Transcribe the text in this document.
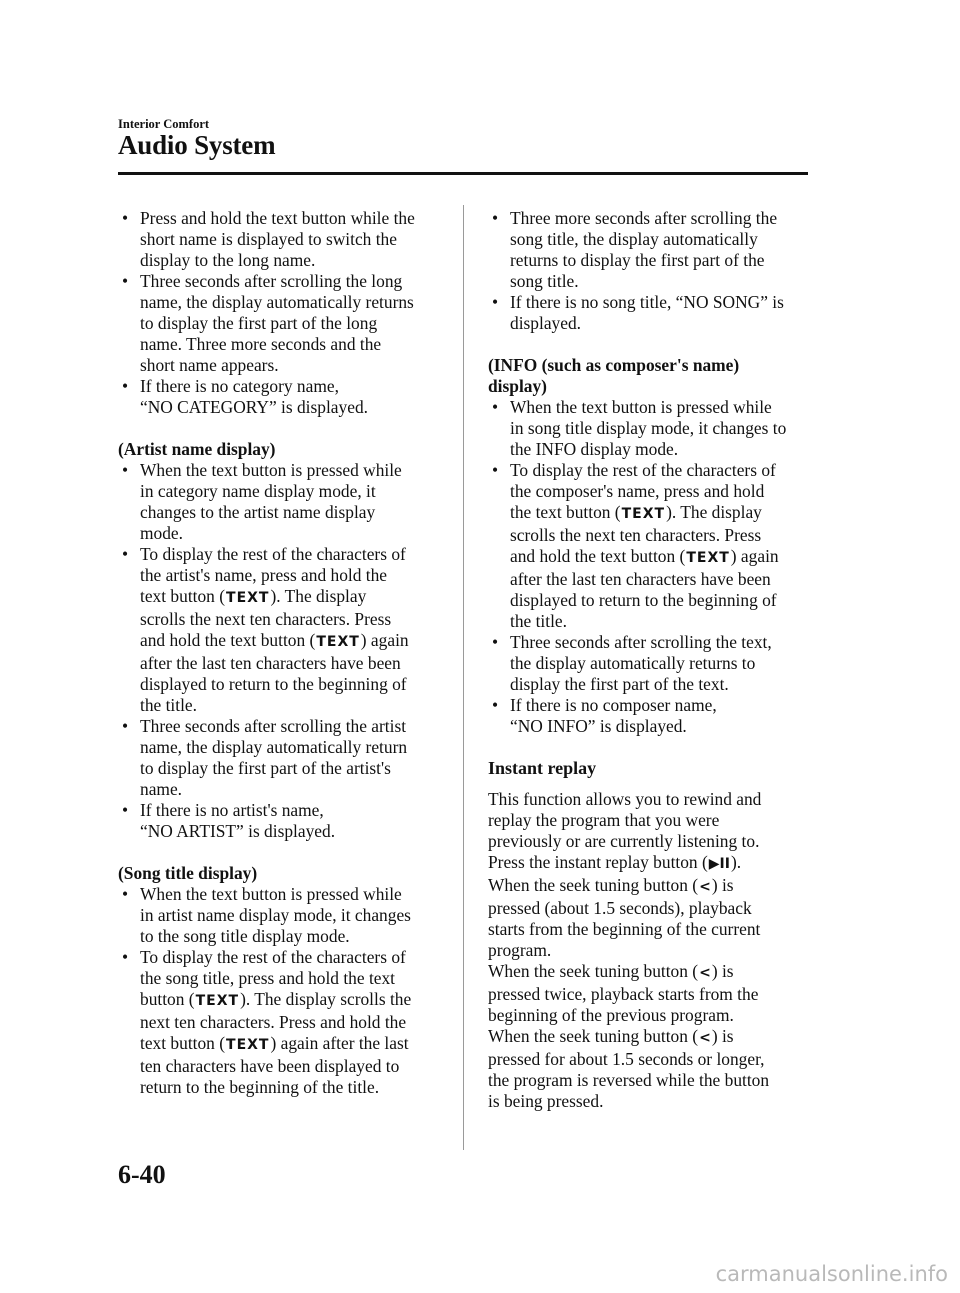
Interior Comfort
Audio System
• Press and hold the text button while the
short name is displayed to switch the
display to the long name.
• Three seconds after scrolling the long
name, the display automatically returns
to display the first part of the long
name. Three more seconds and the
short name appears.
• If there is no category name,
“NO CATEGORY” is displayed.
(Artist name display)
• When the text button is pressed while
in category name display mode, it
changes to the artist name display
mode.
• To display the rest of the characters of
the artist's name, press and hold the
text button (TEXT). The display
scrolls the next ten characters. Press
and hold the text button (TEXT) again
after the last ten characters have been
displayed to return to the beginning of
the title.
• Three seconds after scrolling the artist
name, the display automatically return
to display the first part of the artist's
name.
• If there is no artist's name,
“NO ARTIST” is displayed.
(Song title display)
• When the text button is pressed while
in artist name display mode, it changes
to the song title display mode.
• To display the rest of the characters of
the song title, press and hold the text
button (TEXT). The display scrolls the
next ten characters. Press and hold the
text button (TEXT) again after the last
ten characters have been displayed to
return to the beginning of the title.
• Three more seconds after scrolling the
song title, the display automatically
returns to display the first part of the
song title.
• If there is no song title, “NO SONG” is
displayed.
(INFO (such as composer's name)
display)
• When the text button is pressed while
in song title display mode, it changes to
the INFO display mode.
• To display the rest of the characters of
the composer's name, press and hold
the text button (TEXT). The display
scrolls the next ten characters. Press
and hold the text button (TEXT) again
after the last ten characters have been
displayed to return to the beginning of
the title.
• Three seconds after scrolling the text,
the display automatically returns to
display the first part of the text.
• If there is no composer name,
“NO INFO” is displayed.
Instant replay
This function allows you to rewind and
replay the program that you were
previously or are currently listening to.
Press the instant replay button (▶II).
When the seek tuning button (<) is
pressed (about 1.5 seconds), playback
starts from the beginning of the current
program.
When the seek tuning button (<) is
pressed twice, playback starts from the
beginning of the previous program.
When the seek tuning button (<) is
pressed for about 1.5 seconds or longer,
the program is reversed while the button
is being pressed.
6-40
carmanualsonline.info
